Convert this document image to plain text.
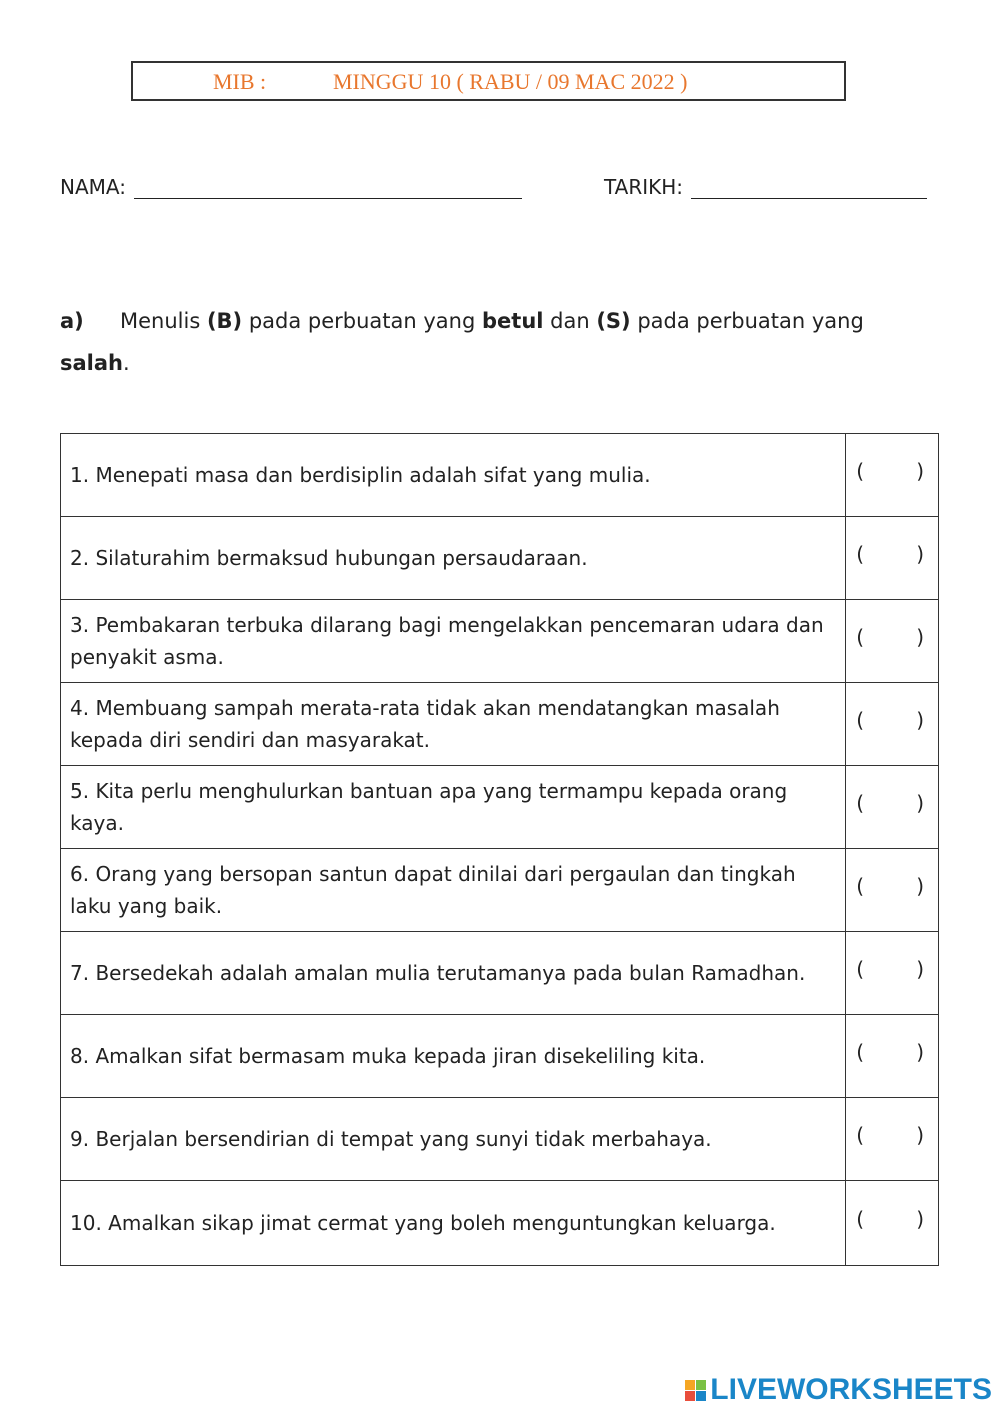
MIB :	MINGGU 10 ( RABU / 09 MAC 2022 )
NAMA:	TARIKH:
a) Menulis (B) pada perbuatan yang betul dan (S) pada perbuatan yang
salah.
1. Menepati masa dan berdisiplin adalah sifat yang mulia.	( )

2. Silaturahim bermaksud hubungan persaudaraan.	( )

3. Pembakaran terbuka dilarang bagi mengelakkan pencemaran udara dan penyakit asma.	( )

4. Membuang sampah merata-rata tidak akan mendatangkan masalah kepada diri sendiri dan masyarakat.	( )

5. Kita perlu menghulurkan bantuan apa yang termampu kepada orang kaya.	( )

6. Orang yang bersopan santun dapat dinilai dari pergaulan dan tingkah laku yang baik.	( )

7. Bersedekah adalah amalan mulia terutamanya pada bulan Ramadhan.	( )

8. Amalkan sifat bermasam muka kepada jiran disekeliling kita.	( )

9. Berjalan bersendirian di tempat yang sunyi tidak merbahaya.	( )

10. Amalkan sikap jimat cermat yang boleh menguntungkan keluarga.	( )
LIVEWORKSHEETS
